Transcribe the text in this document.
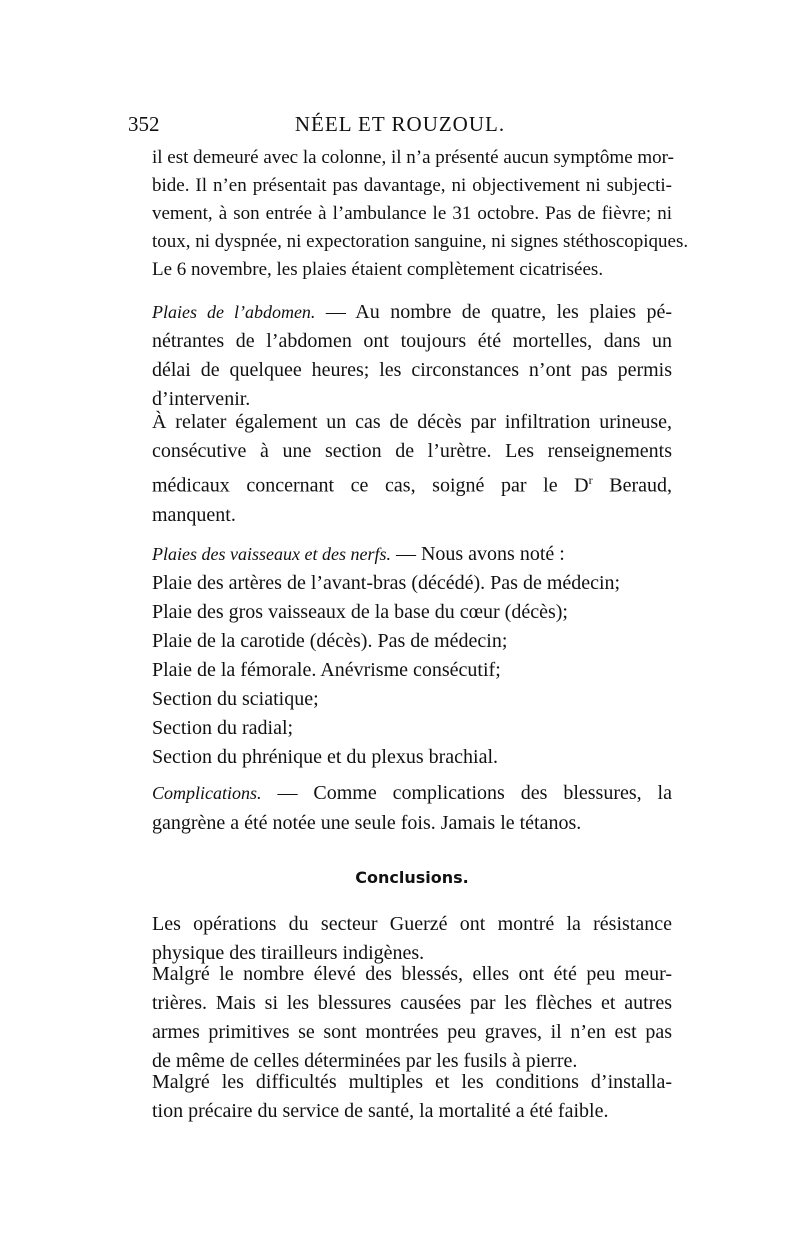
352	NÉEL ET ROUZOUL.
il est demeuré avec la colonne, il n’a présenté aucun symptôme mor-
bide. Il n’en présentait pas davantage, ni objectivement ni subjecti-
vement, à son entrée à l’ambulance le 31 octobre. Pas de fièvre; ni
toux, ni dyspnée, ni expectoration sanguine, ni signes stéthoscopiques.
Le 6 novembre, les plaies étaient complètement cicatrisées.
Plaies de l’abdomen. — Au nombre de quatre, les plaies pé-
nétrantes de l’abdomen ont toujours été mortelles, dans un
délai de quelquee heures; les circonstances n’ont pas permis
d’intervenir.
À relater également un cas de décès par infiltration urineuse,
consécutive à une section de l’urètre. Les renseignements
médicaux concernant ce cas, soigné par le $D^r$ Beraud,
manquent.
Plaies des vaisseaux et des nerfs. — Nous avons noté :
Plaie des artères de l’avant-bras (décédé). Pas de médecin;
Plaie des gros vaisseaux de la base du cœur (décès);
Plaie de la carotide (décès). Pas de médecin;
Plaie de la fémorale. Anévrisme consécutif;
Section du sciatique;
Section du radial;
Section du phrénique et du plexus brachial.
Complications. — Comme complications des blessures, la
gangrène a été notée une seule fois. Jamais le tétanos.
Conclusions.
Les opérations du secteur Guerzé ont montré la résistance
physique des tirailleurs indigènes.
Malgré le nombre élevé des blessés, elles ont été peu meur-
trières. Mais si les blessures causées par les flèches et autres
armes primitives se sont montrées peu graves, il n’en est pas
de même de celles déterminées par les fusils à pierre.
Malgré les difficultés multiples et les conditions d’installa-
tion précaire du service de santé, la mortalité a été faible.
